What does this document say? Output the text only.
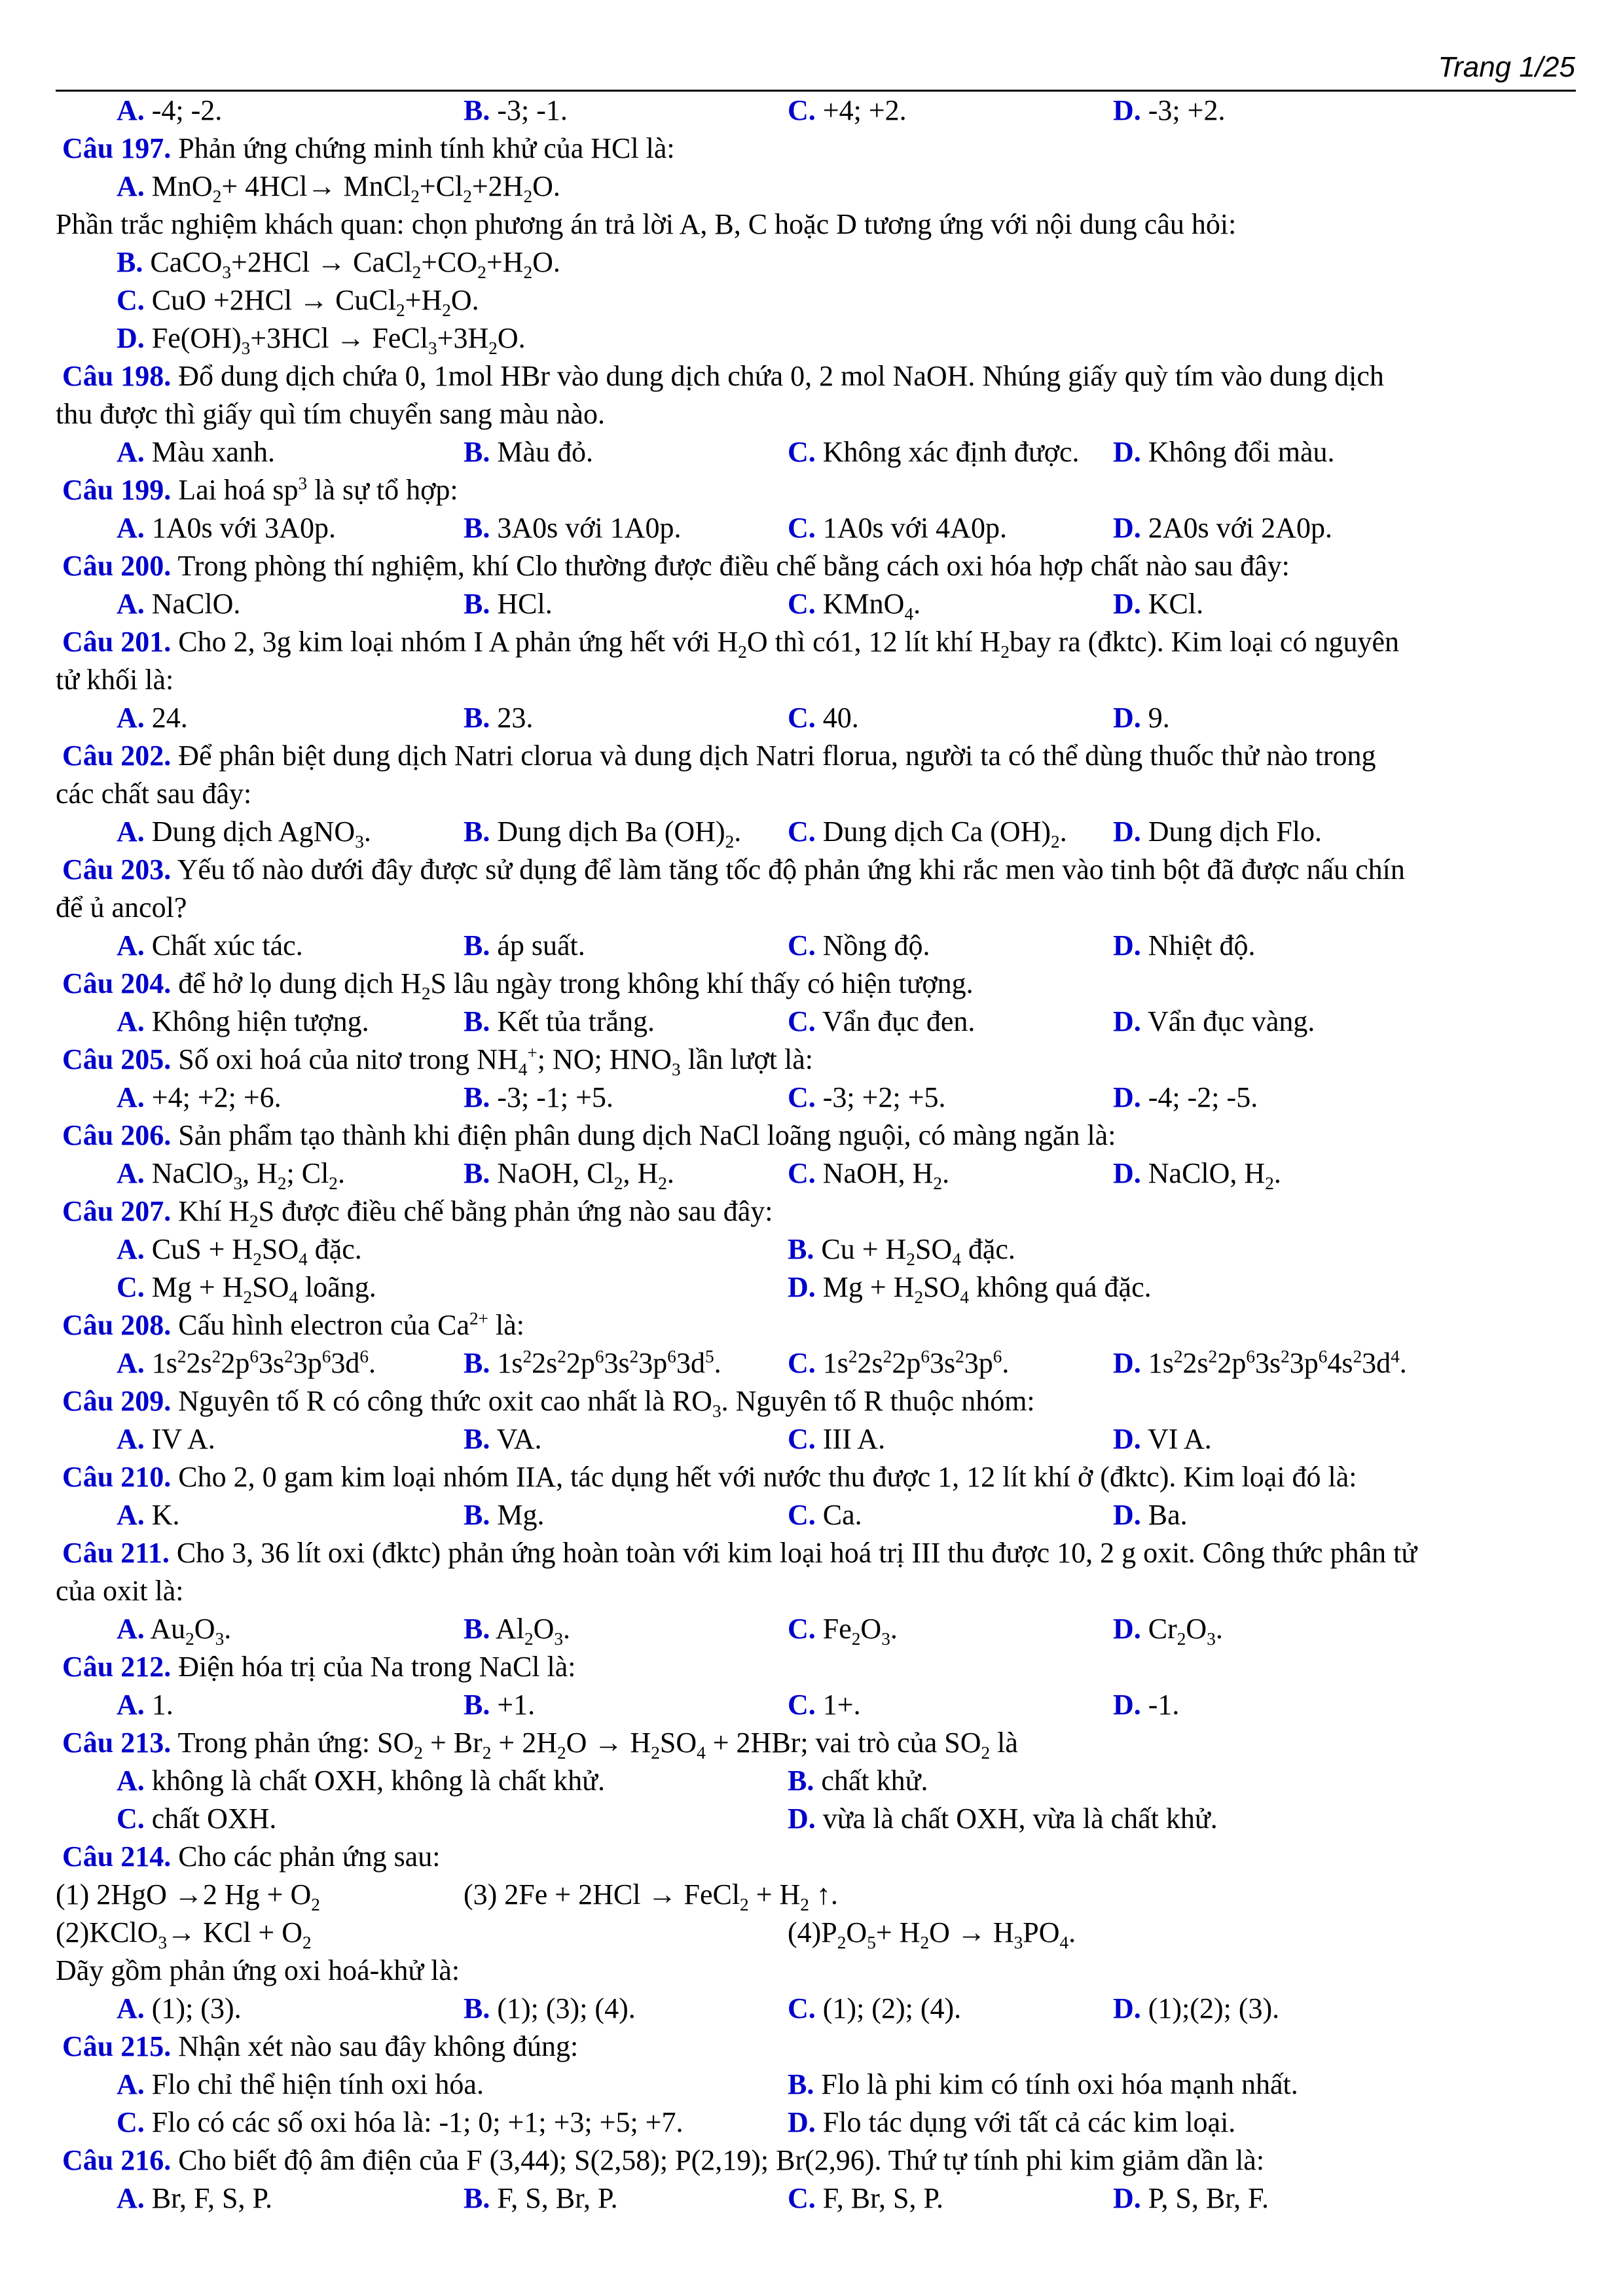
Trang 1/25
A. -4; -2.	B. -3; -1.	C. +4; +2.	D. -3; +2.
Câu 197. Phản ứng chứng minh tính khử của HCl là:
A. $MnO_2+ 4HCl\to MnCl_2+Cl_2+2H_2O$.
Phần trắc nghiệm khách quan: chọn phương án trả lời A, B, C hoặc D tương ứng với nội dung câu hỏi:
B. CaCO$_3$+2HCl → $CaCl_2+CO_2+H_2O$.
C. CuO $+2HCl \to CuCl_2+H_2O$.
D. $Fe(OH)_3+3HCl$ → $FeCl_3+3H_2O$.
Câu 198. Đổ dung dịch chứa 0, 1mol HBr vào dung dịch chứa 0, 2 mol NaOH. Nhúng giấy quỳ tím vào dung dịch
thu được thì giấy quì tím chuyển sang màu nào.
A. Màu xanh.	B. Màu đỏ.	C. Không xác định được. D. Không đổi màu.
Câu 199. Lai hoá $sp^3$ là sự tổ hợp:
A. 1A0s với 3A0p.	B. 3A0s với 1A0p.	C. 1A0s với 4A0p.	D. 2A0s với 2A0p.
Câu 200. Trong phòng thí nghiệm, khí Clo thường được điều chế bằng cách oxi hóa hợp chất nào sau đây:
A. NaClO.	B. HCl.	C. KMnO$_4$.	D. KCl.
Câu 201. Cho 2, 3g kim loại nhóm I A phản ứng hết với $H_2O$ thì có1, 12 lít khí $H_2bay$ ra (đktc). Kim loại có nguyên
tử khối là:
A. 24.	B. 23.	C. 40.	D. 9.
Câu 202. Để phân biệt dung dịch Natri clorua và dung dịch Natri florua, người ta có thể dùng thuốc thử nào trong
các chất sau đây:
A. Dung dịch AgNO$_3$.	B. Dung dịch Ba $(OH)_2$. C. Dung dịch Ca $(OH)_2$. D. Dung dịch Flo.
Câu 203. Yếu tố nào dưới đây được sử dụng để làm tăng tốc độ phản ứng khi rắc men vào tinh bột đã được nấu chín
để ủ ancol?
A. Chất xúc tác.	B. áp suất.	C. Nồng độ.	D. Nhiệt độ.
Câu 204. để hở lọ dung dịch $H_2S$ lâu ngày trong không khí thấy có hiện tượng.
A. Không hiện tượng.	B. Kết tủa trắng.	C. Vẩn đục đen.	D. Vẩn đục vàng.
Câu 205. Số oxi hoá của nitơ trong $NH_4^+$; NO; $HNO_3$ lần lượt là:
A. +4; +2; +6.	B. -3; -1; +5.	C. -3; +2; +5.	D. -4; -2; -5.
Câu 206. Sản phẩm tạo thành khi điện phân dung dịch NaCl loãng nguội, có màng ngăn là:
A. NaClO$_3$, $H_2$; $Cl_2$.	B. NaOH, $Cl_2$, $H_2$.	C. NaOH, $H_2$.	D. NaClO, $H_2$.
Câu 207. Khí $H_2S$ được điều chế bằng phản ứng nào sau đây:
A. CuS + $H_2SO_4$ đặc.	B. $Cu + H_2SO_4$ đặc.
C. $Mg + H_2SO_4$ loãng.	D. $Mg + H_2SO_4$ không quá đặc.
Câu 208. Cấu hình electron của $Ca^{2+}$ là:
A. $1s^22s^22p^63s^23p^63d^6$.	B. $1s^22s^22p^63s^23p^63d^5$. C. $1s^22s^22p^63s^23p^6$.	D. $1s^22s^22p^63s^23p^64s^23d^4$.
Câu 209. Nguyên tố R có công thức oxit cao nhất là $RO_3$. Nguyên tố R thuộc nhóm:
A. IV A.	B. VA.	C. III A.	D. VI A.
Câu 210. Cho 2, 0 gam kim loại nhóm IIA, tác dụng hết với nước thu được 1, 12 lít khí ở (đktc). Kim loại đó là:
A. K.	B. Mg.	C. Ca.	D. Ba.
Câu 211. Cho 3, 36 lít oxi (đktc) phản ứng hoàn toàn với kim loại hoá trị III thu được 10, 2 g oxit. Công thức phân tử
của oxit là:
A. $Au_2O_3$.	B. $Al_2O_3$.	C. $Fe_2O_3$.	D. $Cr_2O_3$.
Câu 212. Điện hóa trị của Na trong NaCl là:
A. 1.	B. +1.	C. 1+.	D. -1.
Câu 213. Trong phản ứng: $SO_2 + Br_2 + 2H_2O \to H_2SO_4 + 2HBr$; vai trò của $SO_2$ là
A. không là chất OXH, không là chất khử.	B. chất khử.
C. chất OXH.	D. vừa là chất OXH, vừa là chất khử.
Câu 214. Cho các phản ứng sau:
(1) 2HgO →2 $Hg + O_2$	(3) 2Fe + 2HCl → FeCl$_2$ + $H_2$ ↑.
(2)KClO$_3$→ KCl + $O_2$	$(4)P_2O_5+ H_2O \to H_3PO_4$.
Dãy gồm phản ứng oxi hoá-khử là:
A. (1); (3).	B. (1); (3); (4).	C. (1); (2); (4).	D. (1);(2); (3).
Câu 215. Nhận xét nào sau đây không đúng:
A. Flo chỉ thể hiện tính oxi hóa.	B. Flo là phi kim có tính oxi hóa mạnh nhất.
C. Flo có các số oxi hóa là: -1; 0; +1; +3; +5; +7.	D. Flo tác dụng với tất cả các kim loại.
Câu 216. Cho biết độ âm điện của F (3,44); S(2,58); P(2,19); Br(2,96). Thứ tự tính phi kim giảm dần là:
A. Br, F, S, P.	B. F, S, Br, P.	C. F, Br, S, P.	D. P, S, Br, F.
